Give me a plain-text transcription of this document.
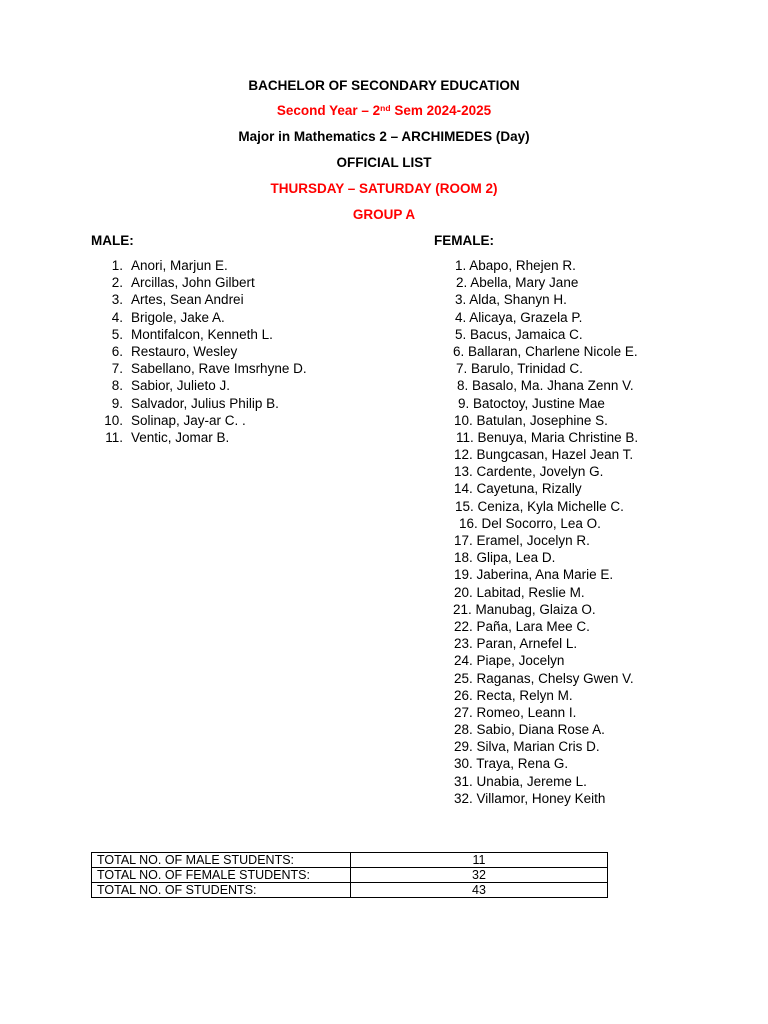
BACHELOR OF SECONDARY EDUCATION
Second Year – 2nd Sem 2024-2025
Major in Mathematics 2 – ARCHIMEDES (Day)
OFFICIAL LIST
THURSDAY – SATURDAY (ROOM 2)
GROUP A
MALE:	FEMALE:
1. Anori, Marjun E.
2. Arcillas, John Gilbert
3. Artes, Sean Andrei
4. Brigole, Jake A.
5. Montifalcon, Kenneth L.
6. Restauro, Wesley
7. Sabellano, Rave Imsrhyne D.
8. Sabior, Julieto J.
9. Salvador, Julius Philip B.
10. Solinap, Jay-ar C. .
11. Ventic, Jomar B.
1. Abapo, Rhejen R.
2. Abella, Mary Jane
3. Alda, Shanyn H.
4. Alicaya, Grazela P.
5. Bacus, Jamaica C.
6. Ballaran, Charlene Nicole E.
7. Barulo, Trinidad C.
8. Basalo, Ma. Jhana Zenn V.
9. Batoctoy, Justine Mae
10. Batulan, Josephine S.
11. Benuya, Maria Christine B.
12. Bungcasan, Hazel Jean T.
13. Cardente, Jovelyn G.
14. Cayetuna, Rizally
15. Ceniza, Kyla Michelle C.
16. Del Socorro, Lea O.
17. Eramel, Jocelyn R.
18. Glipa, Lea D.
19. Jaberina, Ana Marie E.
20. Labitad, Reslie M.
21. Manubag, Glaiza O.
22. Paña, Lara Mee C.
23. Paran, Arnefel L.
24. Piape, Jocelyn
25. Raganas, Chelsy Gwen V.
26. Recta, Relyn M.
27. Romeo, Leann I.
28. Sabio, Diana Rose A.
29. Silva, Marian Cris D.
30. Traya, Rena G.
31. Unabia, Jereme L.
32. Villamor, Honey Keith
TOTAL NO. OF MALE STUDENTS:	11
TOTAL NO. OF FEMALE STUDENTS:	32
TOTAL NO. OF STUDENTS:	43
